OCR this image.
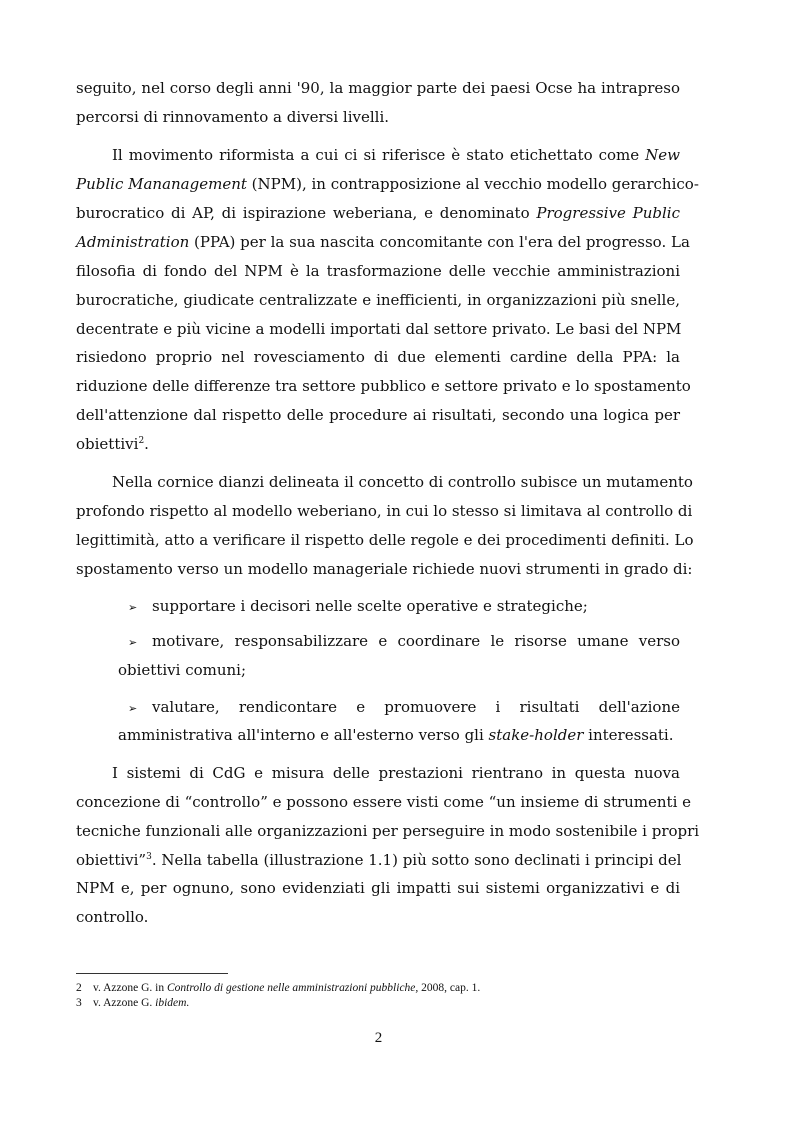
seguito, nel corso degli anni '90, la maggior parte dei paesi Ocse ha intrapreso
percorsi di rinnovamento a diversi livelli.
Il movimento riformista a cui ci si riferisce è stato etichettato come New
Public Mananagement (NPM), in contrapposizione al vecchio modello gerarchico-
burocratico di AP, di ispirazione weberiana, e denominato Progressive Public
Administration (PPA) per la sua nascita concomitante con l'era del progresso. La
filosofia di fondo del NPM è la trasformazione delle vecchie amministrazioni
burocratiche, giudicate centralizzate e inefficienti, in organizzazioni più snelle,
decentrate e più vicine a modelli importati dal settore privato. Le basi del NPM
risiedono proprio nel rovesciamento di due elementi cardine della PPA: la
riduzione delle differenze tra settore pubblico e settore privato e lo spostamento
dell'attenzione dal rispetto delle procedure ai risultati, secondo una logica per
obiettivi$^2$.
Nella cornice dianzi delineata il concetto di controllo subisce un mutamento
profondo rispetto al modello weberiano, in cui lo stesso si limitava al controllo di
legittimità, atto a verificare il rispetto delle regole e dei procedimenti definiti. Lo
spostamento verso un modello manageriale richiede nuovi strumenti in grado di:
➢ supportare i decisori nelle scelte operative e strategiche;
➢ motivare, responsabilizzare e coordinare le risorse umane verso
obiettivi comuni;
➢ valutare, rendicontare e promuovere i risultati dell'azione
amministrativa all'interno e all'esterno verso gli stake-holder interessati.
I sistemi di CdG e misura delle prestazioni rientrano in questa nuova
concezione di “controllo” e possono essere visti come “un insieme di strumenti e
tecniche funzionali alle organizzazioni per perseguire in modo sostenibile i propri
obiettivi”$^3$. Nella tabella (illustrazione 1.1) più sotto sono declinati i principi del
NPM e, per ognuno, sono evidenziati gli impatti sui sistemi organizzativi e di
controllo.
2 v. Azzone G. in Controllo di gestione nelle amministrazioni pubbliche, 2008, cap. 1.
3 v. Azzone G. ibidem.
2
